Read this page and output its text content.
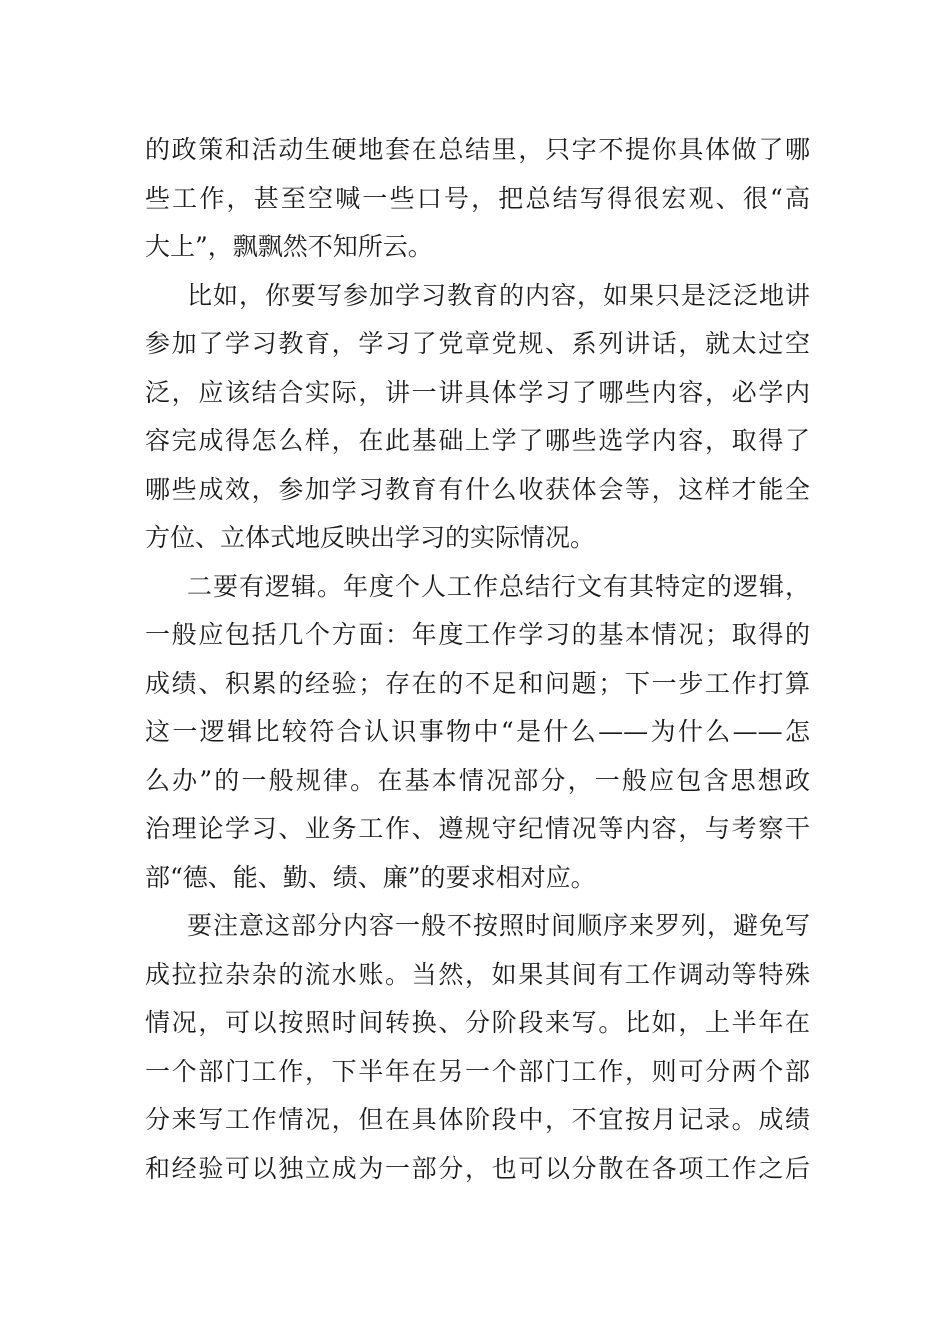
的政策和活动生硬地套在总结里，只字不提你具体做了哪
些工作，甚至空喊一些口号，把总结写得很宏观、很“高
大上”，飘飘然不知所云。
比如，你要写参加学习教育的内容，如果只是泛泛地讲
参加了学习教育，学习了党章党规、系列讲话，就太过空
泛，应该结合实际，讲一讲具体学习了哪些内容，必学内
容完成得怎么样，在此基础上学了哪些选学内容，取得了
哪些成效，参加学习教育有什么收获体会等，这样才能全
方位、立体式地反映出学习的实际情况。
二要有逻辑。年度个人工作总结行文有其特定的逻辑，
一般应包括几个方面：年度工作学习的基本情况；取得的
成绩、积累的经验；存在的不足和问题；下一步工作打算
这一逻辑比较符合认识事物中“是什么——为什么——怎
么办”的一般规律。在基本情况部分，一般应包含思想政
治理论学习、业务工作、遵规守纪情况等内容，与考察干
部“德、能、勤、绩、廉”的要求相对应。
要注意这部分内容一般不按照时间顺序来罗列，避免写
成拉拉杂杂的流水账。当然，如果其间有工作调动等特殊
情况，可以按照时间转换、分阶段来写。比如，上半年在
一个部门工作，下半年在另一个部门工作，则可分两个部
分来写工作情况，但在具体阶段中，不宜按月记录。成绩
和经验可以独立成为一部分，也可以分散在各项工作之后
